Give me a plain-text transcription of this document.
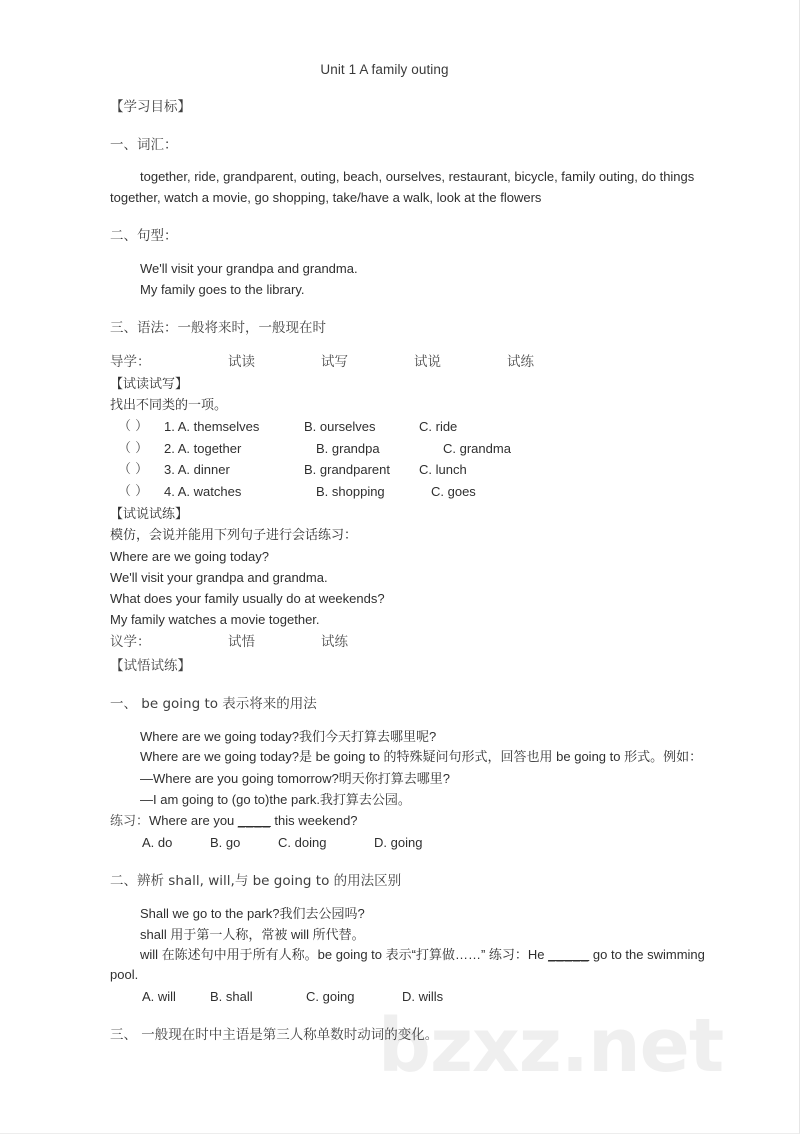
bzxz.net
Unit 1 A family outing
【学习目标】
一、词汇：
together, ride, grandparent, outing, beach, ourselves, restaurant, bicycle, family outing, do things together, watch a movie, go shopping, take/have a walk, look at the flowers
二、句型：
We'll visit your grandpa and grandma.
My family goes to the library.
三、语法：一般将来时，一般现在时
导学：	试读	试写	试说	试练
【试读试写】
找出不同类的一项。
（ ）	1. A. themselves	B. ourselves	C. ride
（ ）	2. A. together	B. grandpa	C. grandma
（ ）	3. A. dinner	B. grandparent	C. lunch
（ ）	4. A. watches	B. shopping	C. goes
【试说试练】
模仿，会说并能用下列句子进行会话练习：
Where are we going today?
We'll visit your grandpa and grandma.
What does your family usually do at weekends?
My family watches a movie together.
议学：	试悟	试练
【试悟试练】
一、 be going to 表示将来的用法
Where are we going today?我们今天打算去哪里呢?
Where are we going today?是 be going to 的特殊疑问句形式，回答也用 be going to 形式。例如：
—Where are you going tomorrow?明天你打算去哪里?
—I am going to (go to)the park.我打算去公园。
练习：Where are you ____ this weekend?
A. do	B. go	C. doing	D. going
二、辨析 shall, will,与 be going to 的用法区别
Shall we go to the park?我们去公园吗?
shall 用于第一人称，常被 will 所代替。
will 在陈述句中用于所有人称。be going to 表示“打算做……” 练习：He _____ go to the swimming pool.
A. will	B. shall	C. going	D. wills
三、 一般现在时中主语是第三人称单数时动词的变化。
